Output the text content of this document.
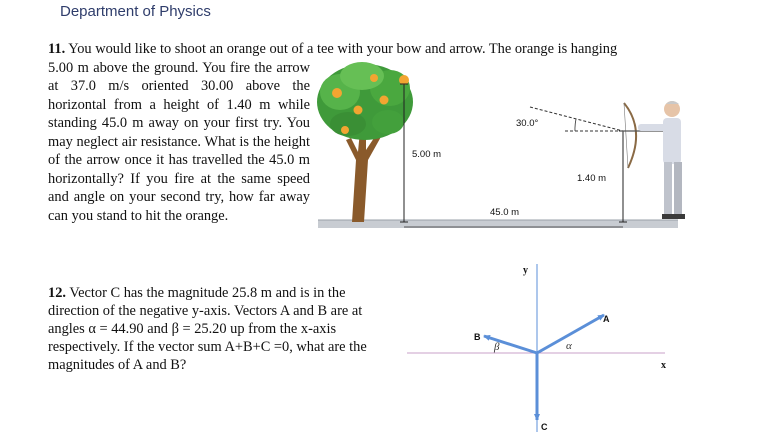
Department of Physics
11. You would like to shoot an orange out of a tee with your bow and arrow. The orange is hanging
5.00 m above the ground. You fire the arrow at 37.0 m/s oriented 30.00 above the horizontal from a height of 1.40 m while standing 45.0 m away on your first try. You may neglect air resistance. What is the height of the arrow once it has travelled the 45.0 m horizontally? If you fire at the same speed and angle on your second try, how far away can you stand to hit the orange.
12. Vector C has the magnitude 25.8 m and is in the direction of the negative y-axis. Vectors A and B are at angles α = 44.90 and β = 25.20 up from the x-axis respectively. If the vector sum A+B+C =0, what are the magnitudes of A and B?
5.00 m
1.40 m
45.0 m
30.0°
y
x
A
B
C
α
β
